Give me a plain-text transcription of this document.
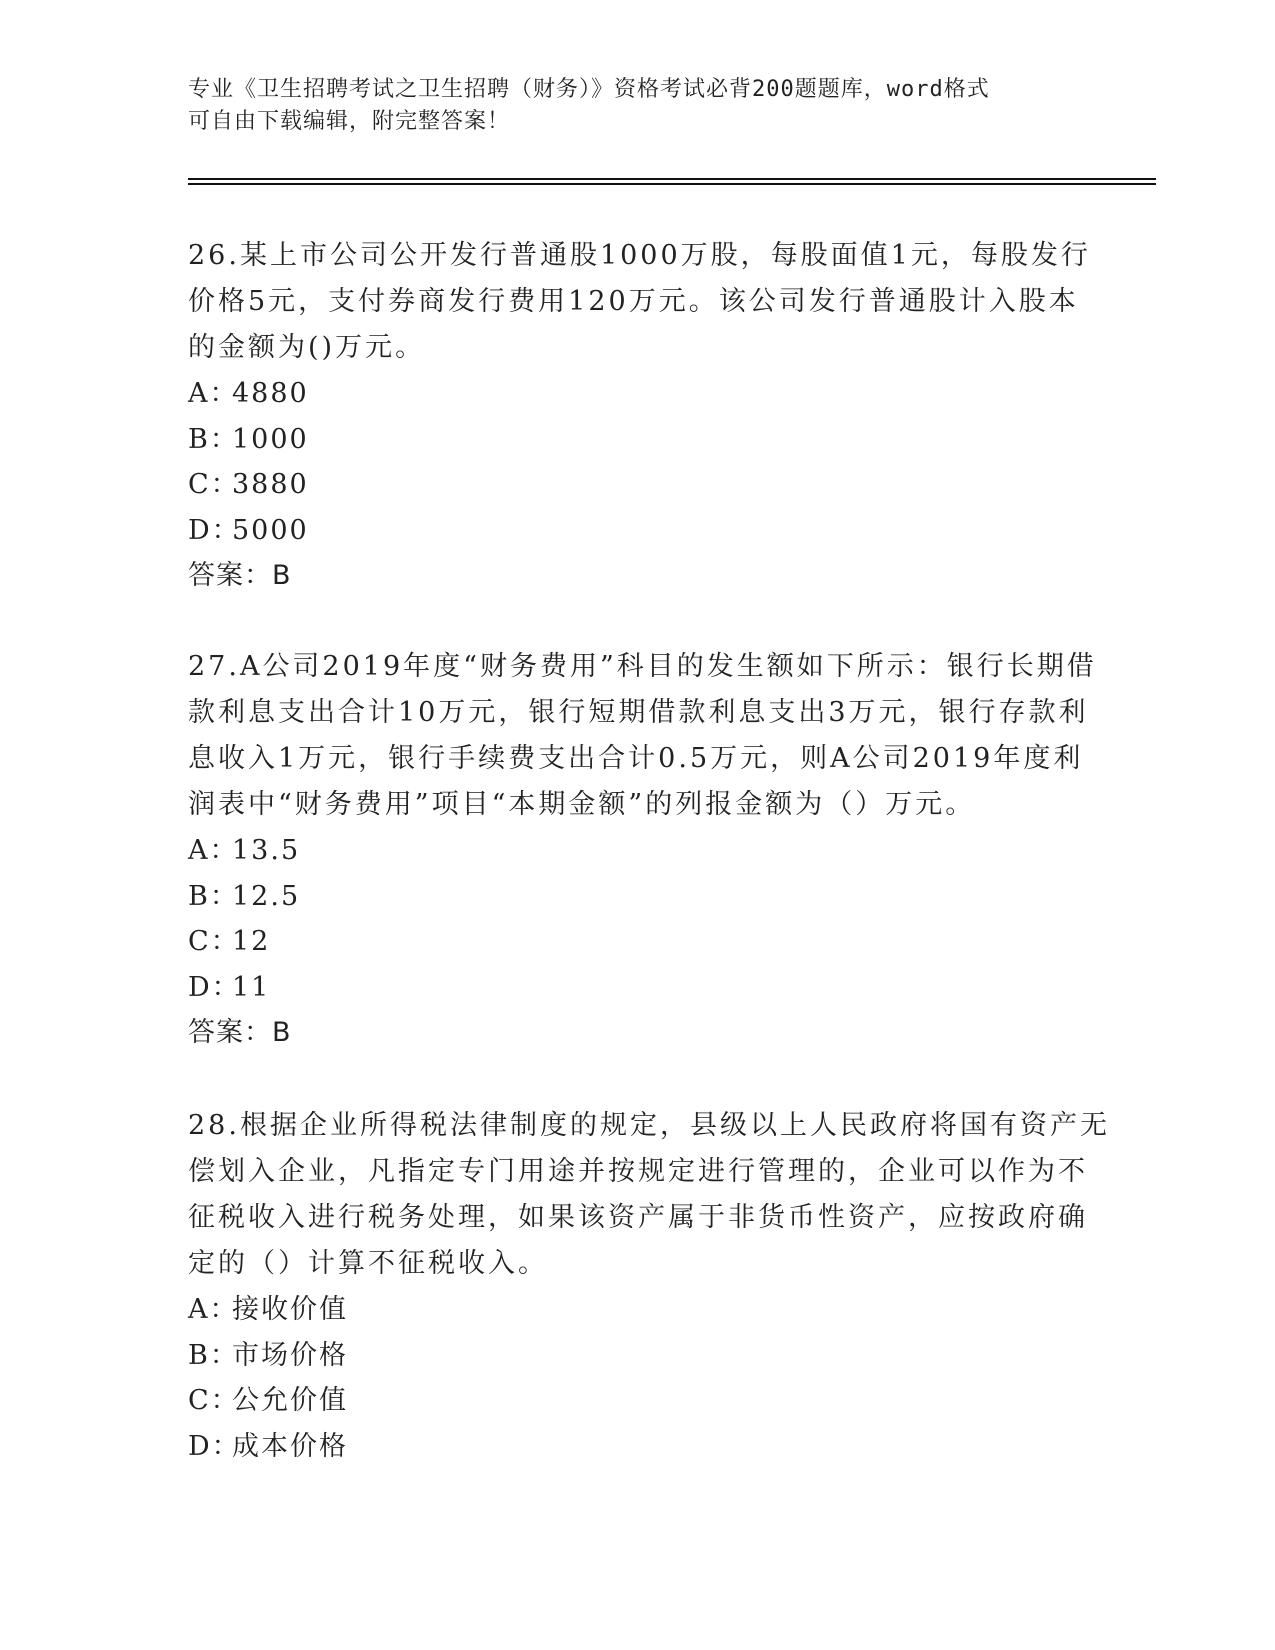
专业《卫生招聘考试之卫生招聘（财务）》资格考试必背200题题库，word格式
可自由下载编辑，附完整答案！
26.某上市公司公开发行普通股1000万股，每股面值1元，每股发行
价格5元，支付券商发行费用120万元。该公司发行普通股计入股本
的金额为()万元。
A：4880
B：1000
C：3880
D：5000
答案：B
27.A公司2019年度“财务费用”科目的发生额如下所示：银行长期借
款利息支出合计10万元，银行短期借款利息支出3万元，银行存款利
息收入1万元，银行手续费支出合计0.5万元，则A公司2019年度利
润表中“财务费用”项目“本期金额”的列报金额为（）万元。
A：13.5
B：12.5
C：12
D：11
答案：B
28.根据企业所得税法律制度的规定，县级以上人民政府将国有资产无
偿划入企业，凡指定专门用途并按规定进行管理的，企业可以作为不
征税收入进行税务处理，如果该资产属于非货币性资产，应按政府确
定的（）计算不征税收入。
A：接收价值
B：市场价格
C：公允价值
D：成本价格
